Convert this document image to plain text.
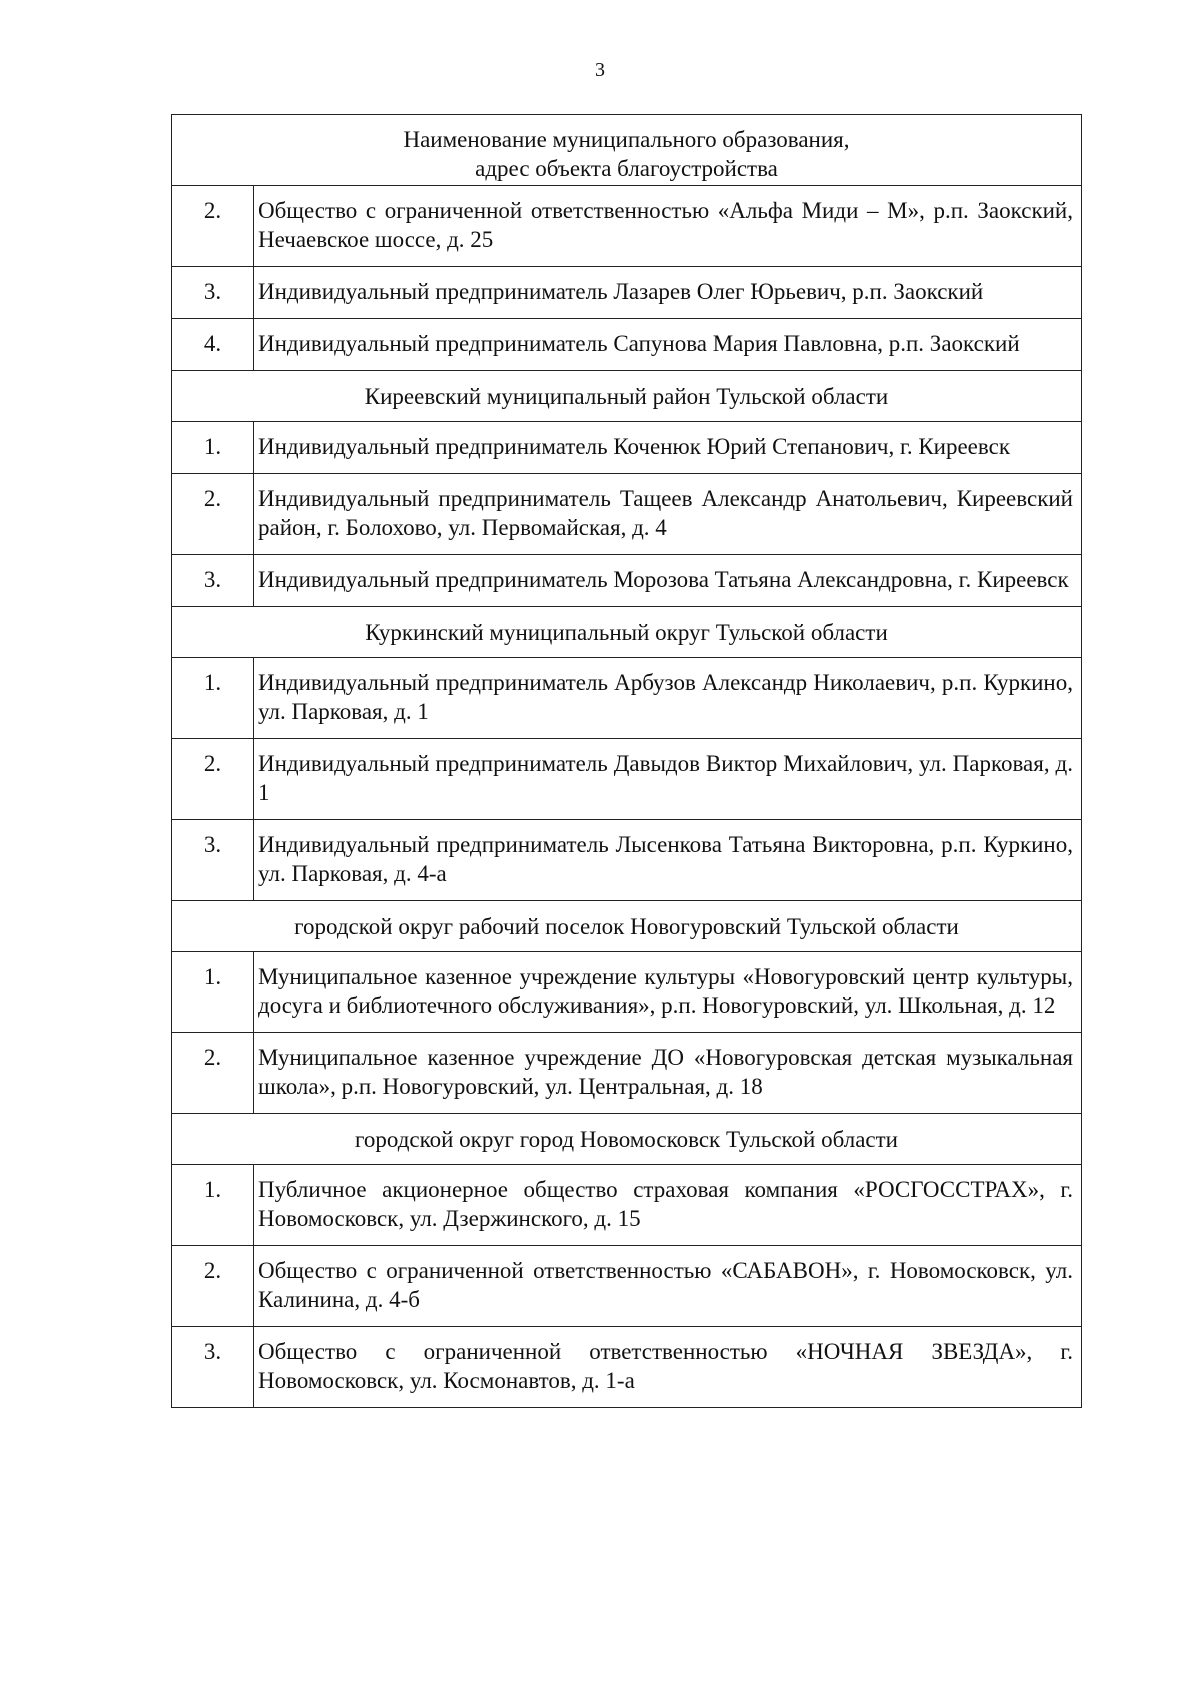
3
Наименование муниципального образования,
адрес объекта благоустройства	

2.	Общество с ограниченной ответственностью «Альфа Миди – М», р.п. Заокский, Нечаевское шоссе, д. 25
3.	Индивидуальный предприниматель Лазарев Олег Юрьевич, р.п. Заокский
4.	Индивидуальный предприниматель Сапунова Мария Павловна, р.п. Заокский
Киреевский муниципальный район Тульской области	
1.	Индивидуальный предприниматель Коченюк Юрий Степанович, г. Киреевск
2.	Индивидуальный предприниматель Тащеев Александр Анатольевич, Киреевский район, г. Болохово, ул. Первомайская, д. 4
3.	Индивидуальный предприниматель Морозова Татьяна Александровна, г. Киреевск
Куркинский муниципальный округ Тульской области	
1.	Индивидуальный предприниматель Арбузов Александр Николаевич, р.п. Куркино, ул. Парковая, д. 1
2.	Индивидуальный предприниматель Давыдов Виктор Михайлович, ул. Парковая, д. 1
3.	Индивидуальный предприниматель Лысенкова Татьяна Викторовна, р.п. Куркино, ул. Парковая, д. 4-а
городской округ рабочий поселок Новогуровский Тульской области	
1.	Муниципальное казенное учреждение культуры «Новогуровский центр культуры, досуга и библиотечного обслуживания», р.п. Новогуровский, ул. Школьная, д. 12
2.	Муниципальное казенное учреждение ДО «Новогуровская детская музыкальная школа», р.п. Новогуровский, ул. Центральная, д. 18
городской округ город Новомосковск Тульской области	
1.	Публичное акционерное общество страховая компания «РОСГОССТРАХ», г. Новомосковск, ул. Дзержинского, д. 15
2.	Общество с ограниченной ответственностью «САБАВОН», г. Новомосковск, ул. Калинина, д. 4-б
3.	Общество с ограниченной ответственностью «НОЧНАЯ ЗВЕЗДА», г. Новомосковск, ул. Космонавтов, д. 1-а
